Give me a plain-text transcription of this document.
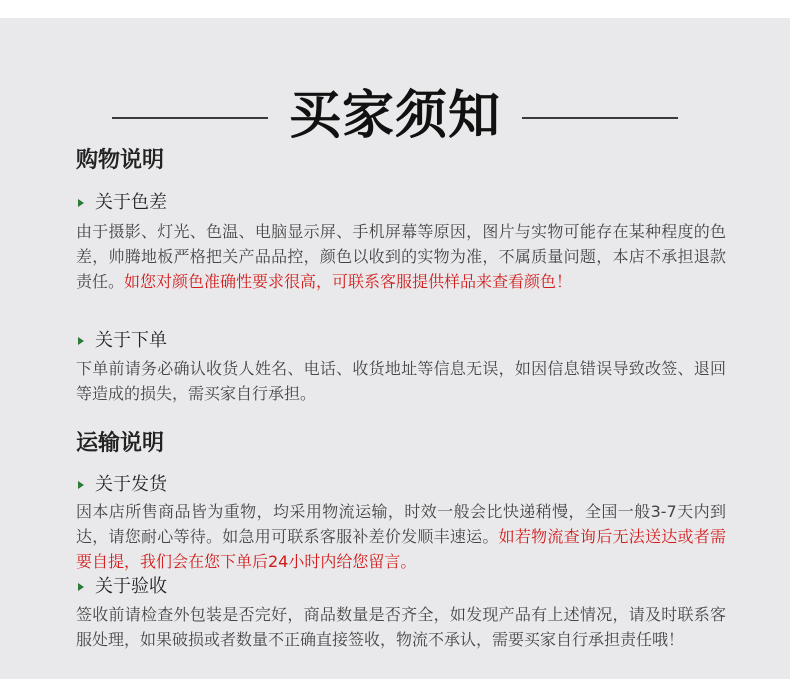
买家须知
购物说明
关于色差

由于摄影、灯光、色温、电脑显示屏、手机屏幕等原因，图片与实物可能存在某种程度的色差，帅腾地板严格把关产品品控，颜色以收到的实物为准，不属质量问题，本店不承担退款责任。如您对颜色准确性要求很高，可联系客服提供样品来查看颜色！

关于下单

下单前请务必确认收货人姓名、电话、收货地址等信息无误，如因信息错误导致改签、退回等造成的损失，需买家自行承担。

运输说明
关于发货

因本店所售商品皆为重物，均采用物流运输，时效一般会比快递稍慢，全国一般3-7天内到达，请您耐心等待。如急用可联系客服补差价发顺丰速运。如若物流查询后无法送达或者需要自提，我们会在您下单后24小时内给您留言。

关于验收

签收前请检查外包装是否完好，商品数量是否齐全，如发现产品有上述情况，请及时联系客服处理，如果破损或者数量不正确直接签收，物流不承认，需要买家自行承担责任哦！
